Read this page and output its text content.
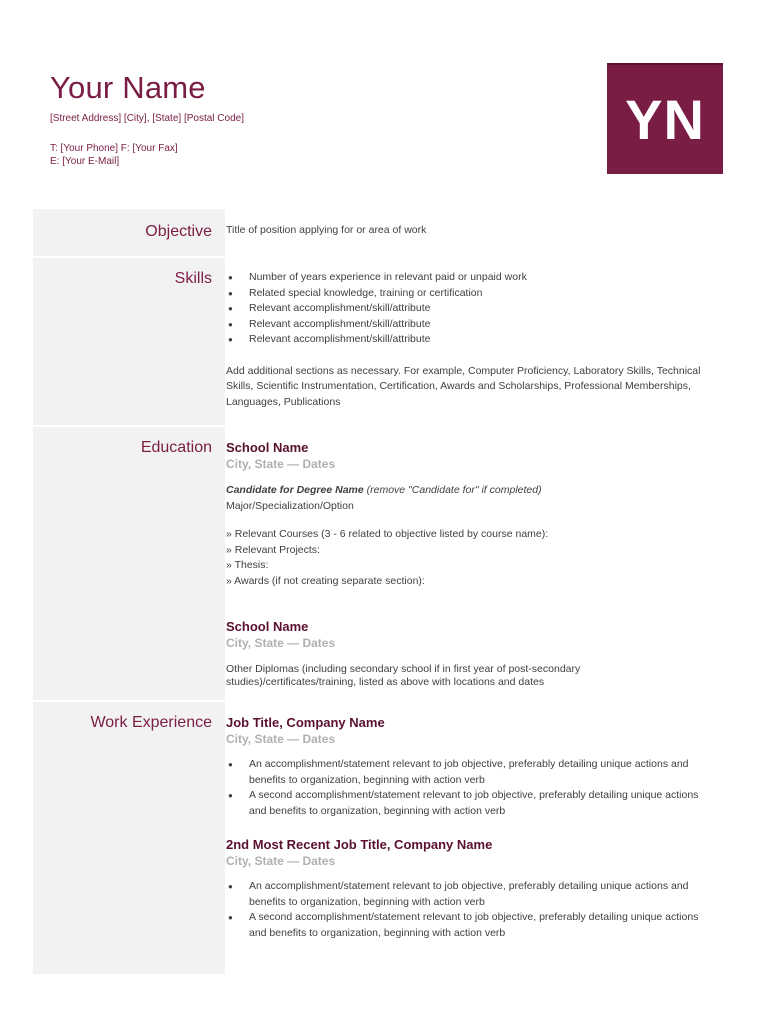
Your Name
[Street Address] [City], [State] [Postal Code]
T: [Your Phone] F: [Your Fax]
E: [Your E-Mail]
YN
Objective Title of position applying for or area of work
Skills
●	Number of years experience in relevant paid or unpaid work
● Related special knowledge, training or certification
● Relevant accomplishment/skill/attribute
● Relevant accomplishment/skill/attribute
● Relevant accomplishment/skill/attribute

Add additional sections as necessary. For example, Computer Proficiency, Laboratory Skills, Technical Skills, Scientific Instrumentation, Certification, Awards and Scholarships, Professional Memberships, Languages, Publications

Education School Name
City, State — Dates

Candidate for Degree Name (remove "Candidate for" if completed)

Major/Specialization/Option

» Relevant Courses (3 - 6 related to objective listed by course name):

» Relevant Projects:

» Thesis:

» Awards (if not creating separate section):

School Name
City, State — Dates

Other Diplomas (including secondary school if in first year of post-secondary studies)/certificates/training, listed as above with locations and dates

Work Experience Job Title, Company Name
City, State — Dates
● An accomplishment/statement relevant to job objective, preferably detailing unique actions and benefits to organization, beginning with action verb
● A second accomplishment/statement relevant to job objective, preferably detailing unique actions and benefits to organization, beginning with action verb
2nd Most Recent Job Title, Company Name
City, State — Dates
● An accomplishment/statement relevant to job objective, preferably detailing unique actions and benefits to organization, beginning with action verb
● A second accomplishment/statement relevant to job objective, preferably detailing unique actions and benefits to organization, beginning with action verb
